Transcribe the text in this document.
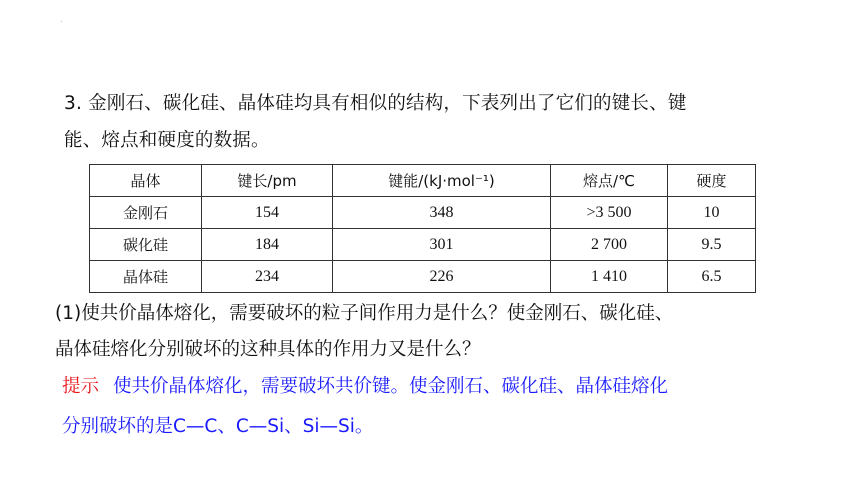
·
3. 金刚石、碳化硅、晶体硅均具有相似的结构，下表列出了它们的键长、键
能、熔点和硬度的数据。
晶体	键长/pm	键能/(kJ·mol⁻¹)	熔点/℃	硬度
金刚石	154	348	>3 500	10
碳化硅	184	301	2 700	9.5
晶体硅	234	226	1 410	6.5
(1)使共价晶体熔化，需要破坏的粒子间作用力是什么？使金刚石、碳化硅、
晶体硅熔化分别破坏的这种具体的作用力又是什么？
提示 使共价晶体熔化，需要破坏共价键。使金刚石、碳化硅、晶体硅熔化
分别破坏的是C—C、C—Si、Si—Si。
